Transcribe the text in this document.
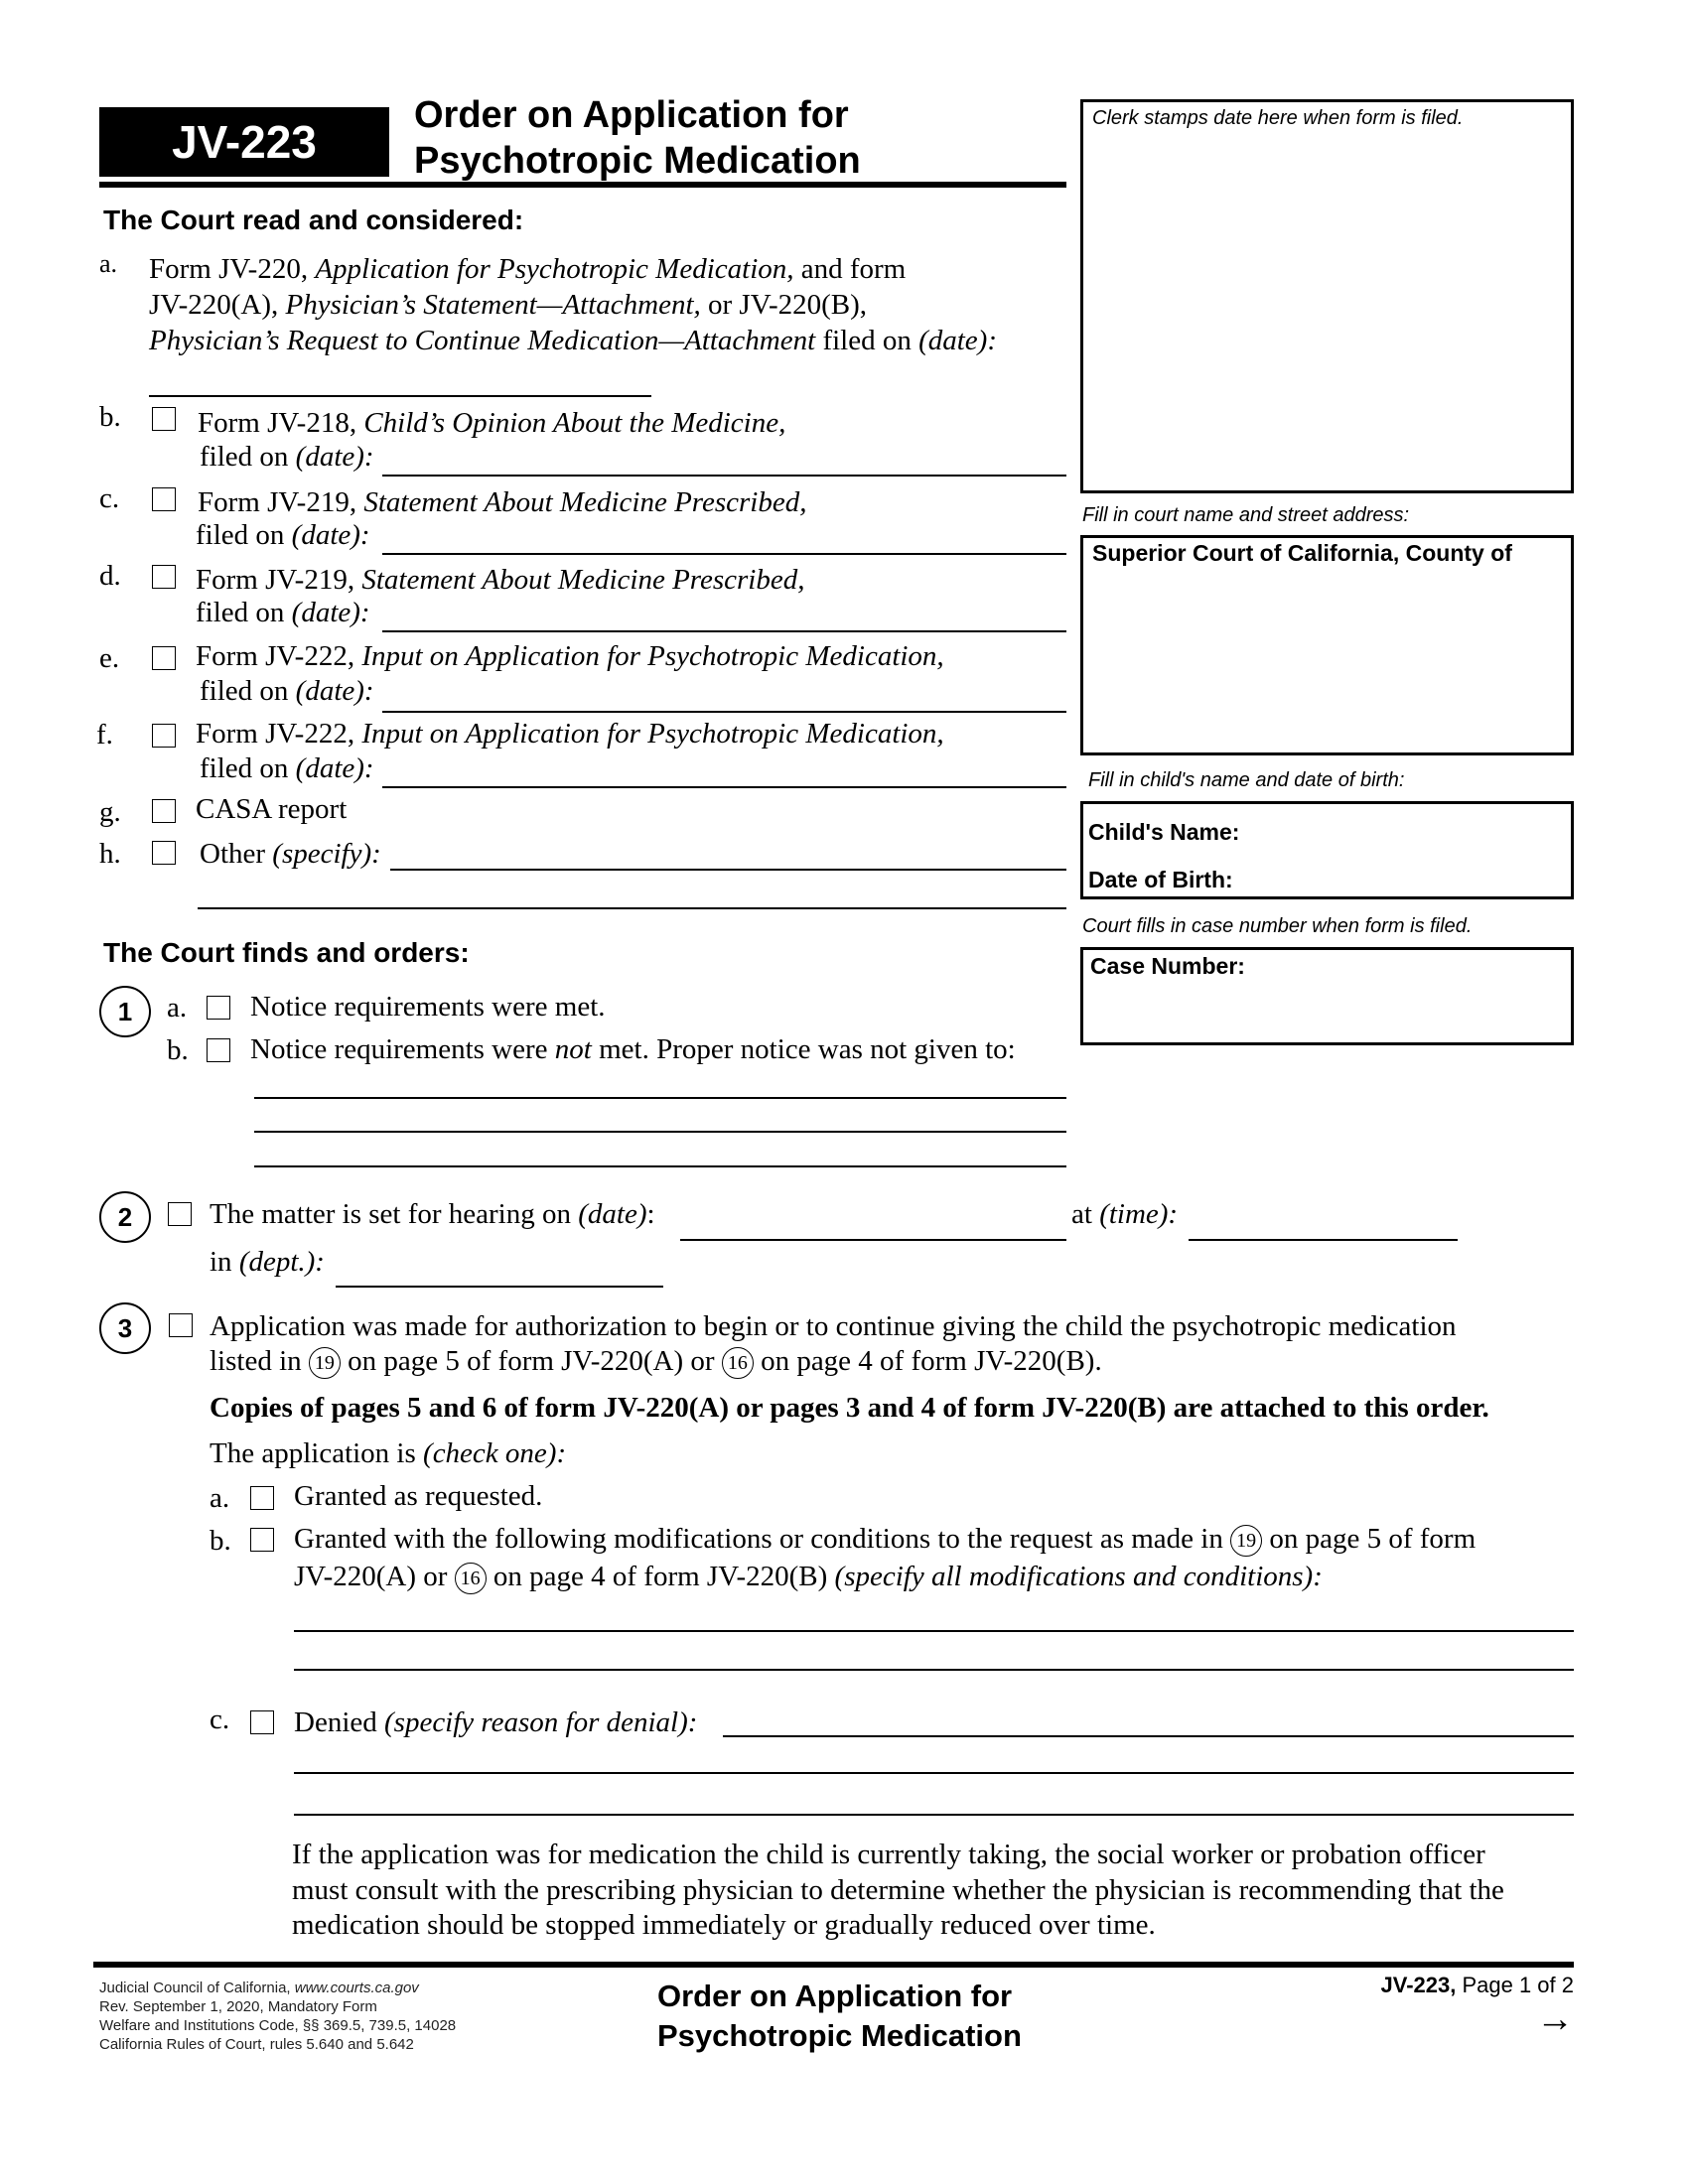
JV-223
Order on Application for
Psychotropic Medication
Clerk stamps date here when form is filed.
Fill in court name and street address:
Superior Court of California, County of
Fill in child's name and date of birth:
Child's Name:
Date of Birth:
Court fills in case number when form is filed.
Case Number:
The Court read and considered:
a. Form JV-220, Application for Psychotropic Medication, and form
JV-220(A), Physician’s Statement—Attachment, or JV-220(B),
Physician’s Request to Continue Medication—Attachment filed on (date):
b.	Form JV-218, Child’s Opinion About the Medicine,
filed on (date):
c.	Form JV-219, Statement About Medicine Prescribed,
filed on (date):
d.	Form JV-219, Statement About Medicine Prescribed,
filed on (date):
e.	Form JV-222, Input on Application for Psychotropic Medication,
filed on (date):
f.	Form JV-222, Input on Application for Psychotropic Medication,
filed on (date):
g.	CASA report
h.	Other (specify):
The Court finds and orders:
1	a. Notice requirements were met.
b. Notice requirements were not met. Proper notice was not given to:
2	The matter is set for hearing on (date):	at (time):
in (dept.):
3	Application was made for authorization to begin or to continue giving the child the psychotropic medication
listed in 19 on page 5 of form JV-220(A) or 16 on page 4 of form JV-220(B).
Copies of pages 5 and 6 of form JV-220(A) or pages 3 and 4 of form JV-220(B) are attached to this order.
The application is (check one):
a. Granted as requested.
b. Granted with the following modifications or conditions to the request as made in 19 on page 5 of form
JV-220(A) or 16 on page 4 of form JV-220(B) (specify all modifications and conditions):
c. Denied (specify reason for denial):
If the application was for medication the child is currently taking, the social worker or probation officer
must consult with the prescribing physician to determine whether the physician is recommending that the
medication should be stopped immediately or gradually reduced over time.
Judicial Council of California, www.courts.ca.gov
Rev. September 1, 2020, Mandatory Form
Welfare and Institutions Code, §§ 369.5, 739.5, 14028
California Rules of Court, rules 5.640 and 5.642
Order on Application for
Psychotropic Medication
JV-223, Page 1 of 2
→
